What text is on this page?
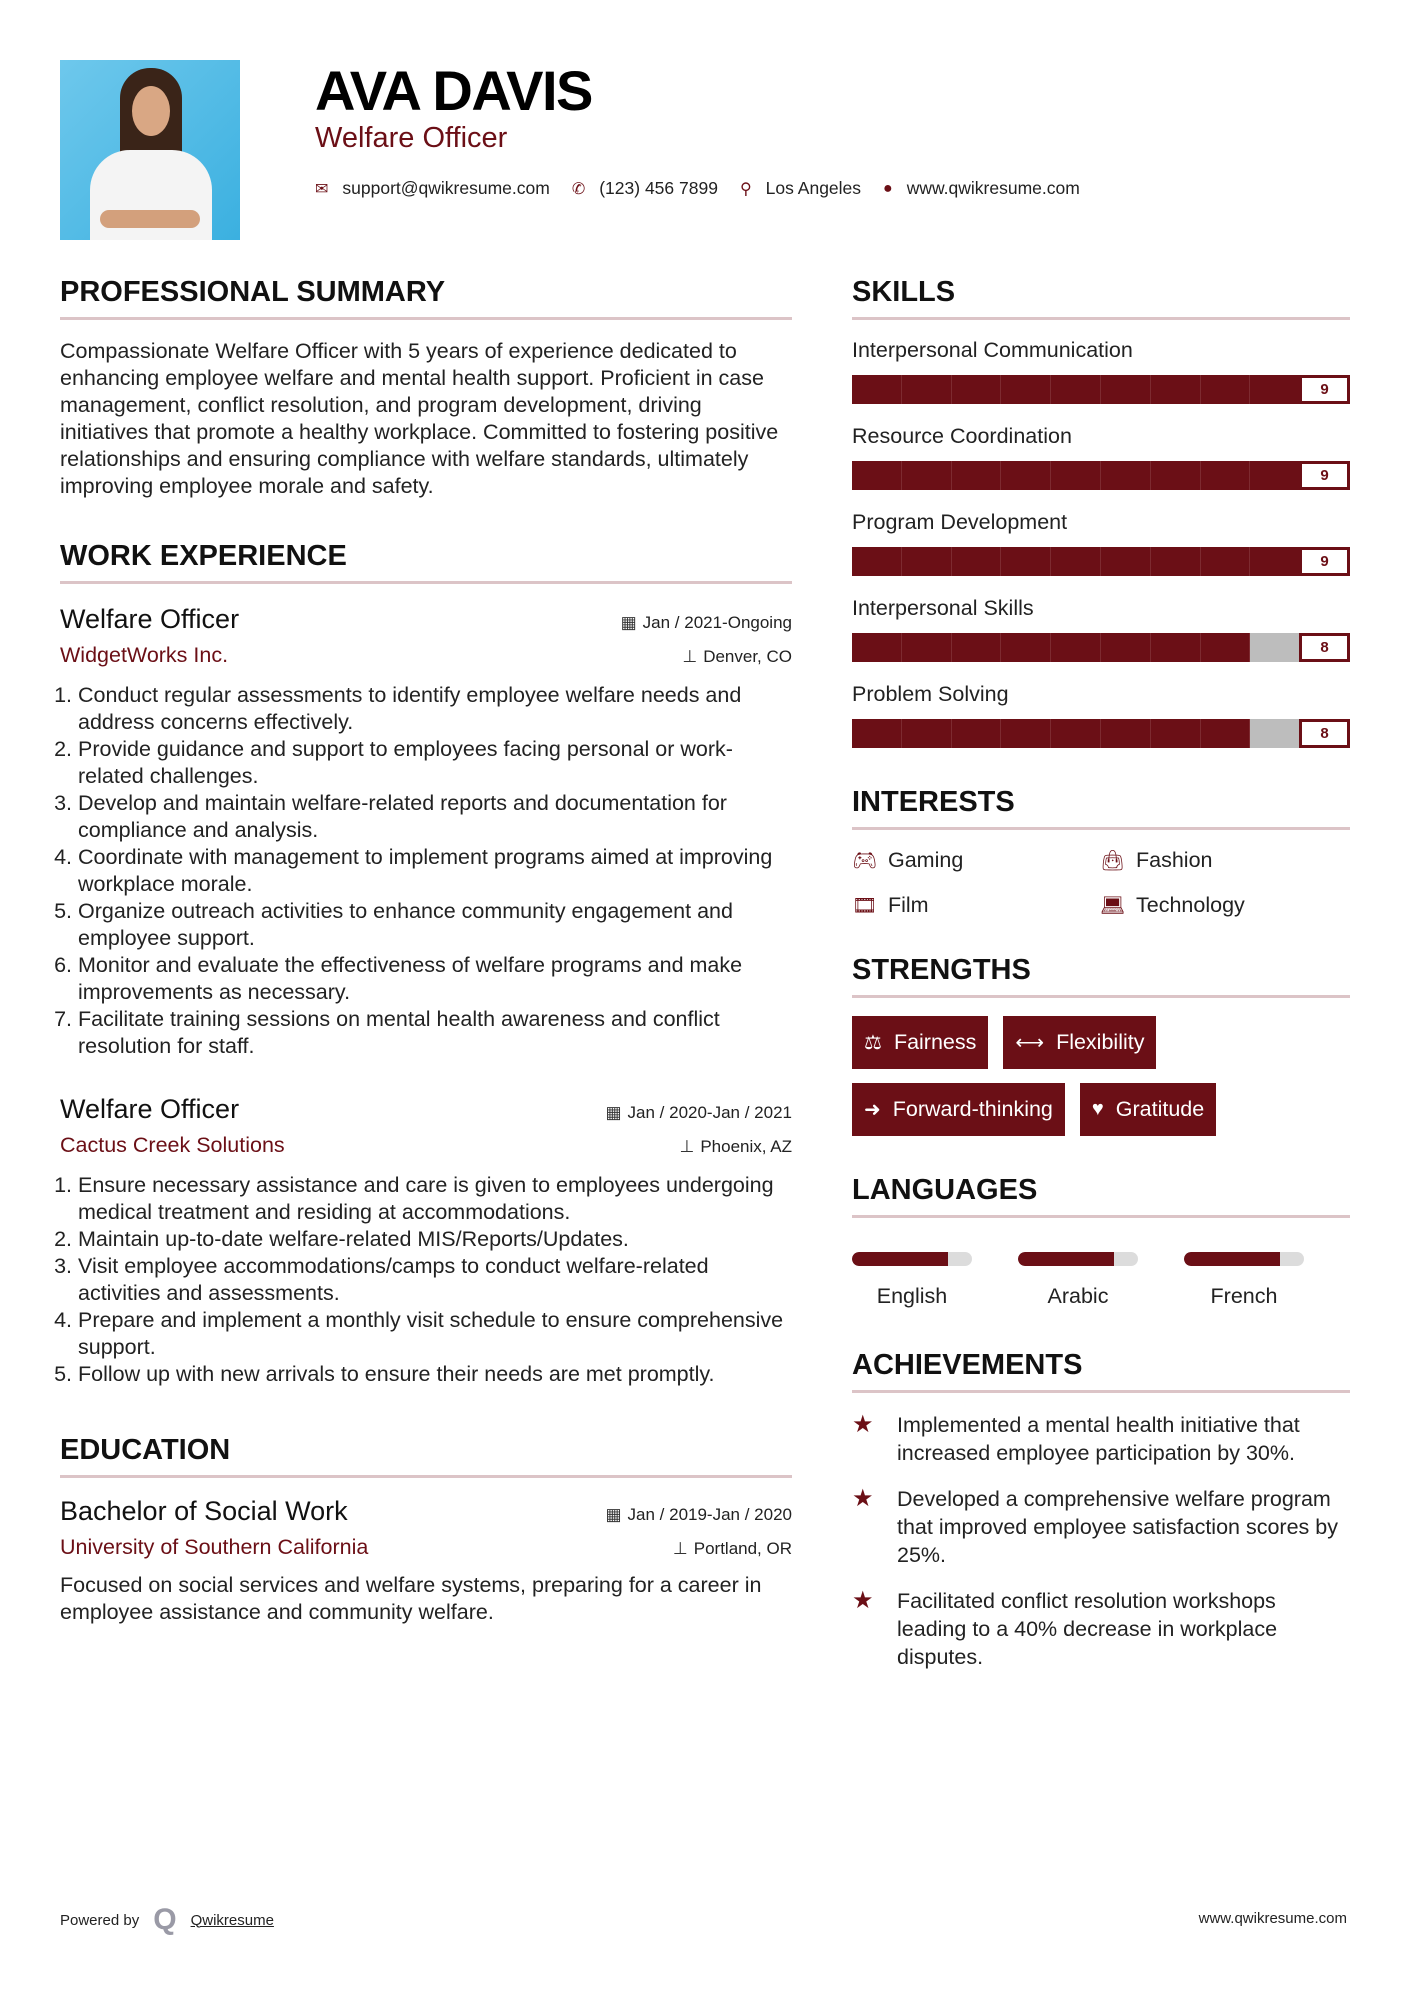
AVA DAVIS
Welfare Officer
✉ support@qwikresume.com ✆ (123) 456 7899 ⚲ Los Angeles ● www.qwikresume.com
PROFESSIONAL SUMMARY

Compassionate Welfare Officer with 5 years of experience dedicated to enhancing employee welfare and mental health support. Proficient in case management, conflict resolution, and program development, driving initiatives that promote a healthy workplace. Committed to fostering positive relationships and ensuring compliance with welfare standards, ultimately improving employee morale and safety.

WORK EXPERIENCE
Welfare Officer	▦ Jan / 2021-Ongoing
WidgetWorks Inc.	⊥ Denver, CO
1. Conduct regular assessments to identify employee welfare needs and address concerns effectively.
2. Provide guidance and support to employees facing personal or work-related challenges.
3. Develop and maintain welfare-related reports and documentation for compliance and analysis.
4. Coordinate with management to implement programs aimed at improving workplace morale.
5. Organize outreach activities to enhance community engagement and employee support.
6. Monitor and evaluate the effectiveness of welfare programs and make improvements as necessary.
7. Facilitate training sessions on mental health awareness and conflict resolution for staff.
Welfare Officer	▦ Jan / 2020-Jan / 2021
Cactus Creek Solutions	⊥ Phoenix, AZ
1. Ensure necessary assistance and care is given to employees undergoing medical treatment and residing at accommodations.
2. Maintain up-to-date welfare-related MIS/Reports/Updates.
3. Visit employee accommodations/camps to conduct welfare-related activities and assessments.
4. Prepare and implement a monthly visit schedule to ensure comprehensive support.
5. Follow up with new arrivals to ensure their needs are met promptly.
EDUCATION
Bachelor of Social Work	▦ Jan / 2019-Jan / 2020
University of Southern California	⊥ Portland, OR

Focused on social services and welfare systems, preparing for a career in employee assistance and community welfare.

SKILLS
Interpersonal Communication
9
Resource Coordination
9
Program Development
9
Interpersonal Skills
8
Problem Solving
8
INTERESTS
🎮︎ Gaming	👜︎ Fashion
🎞︎ Film	💻︎ Technology
STRENGTHS
⚖ Fairness ⟷ Flexibility
➜ Forward-thinking ♥ Gratitude
LANGUAGES
English	Arabic	French
ACHIEVEMENTS
★	Implemented a mental health initiative that increased employee participation by 30%.
★	Developed a comprehensive welfare program that improved employee satisfaction scores by 25%.
★	Facilitated conflict resolution workshops leading to a 40% decrease in workplace disputes.
Powered by Q Qwikresume	www.qwikresume.com
